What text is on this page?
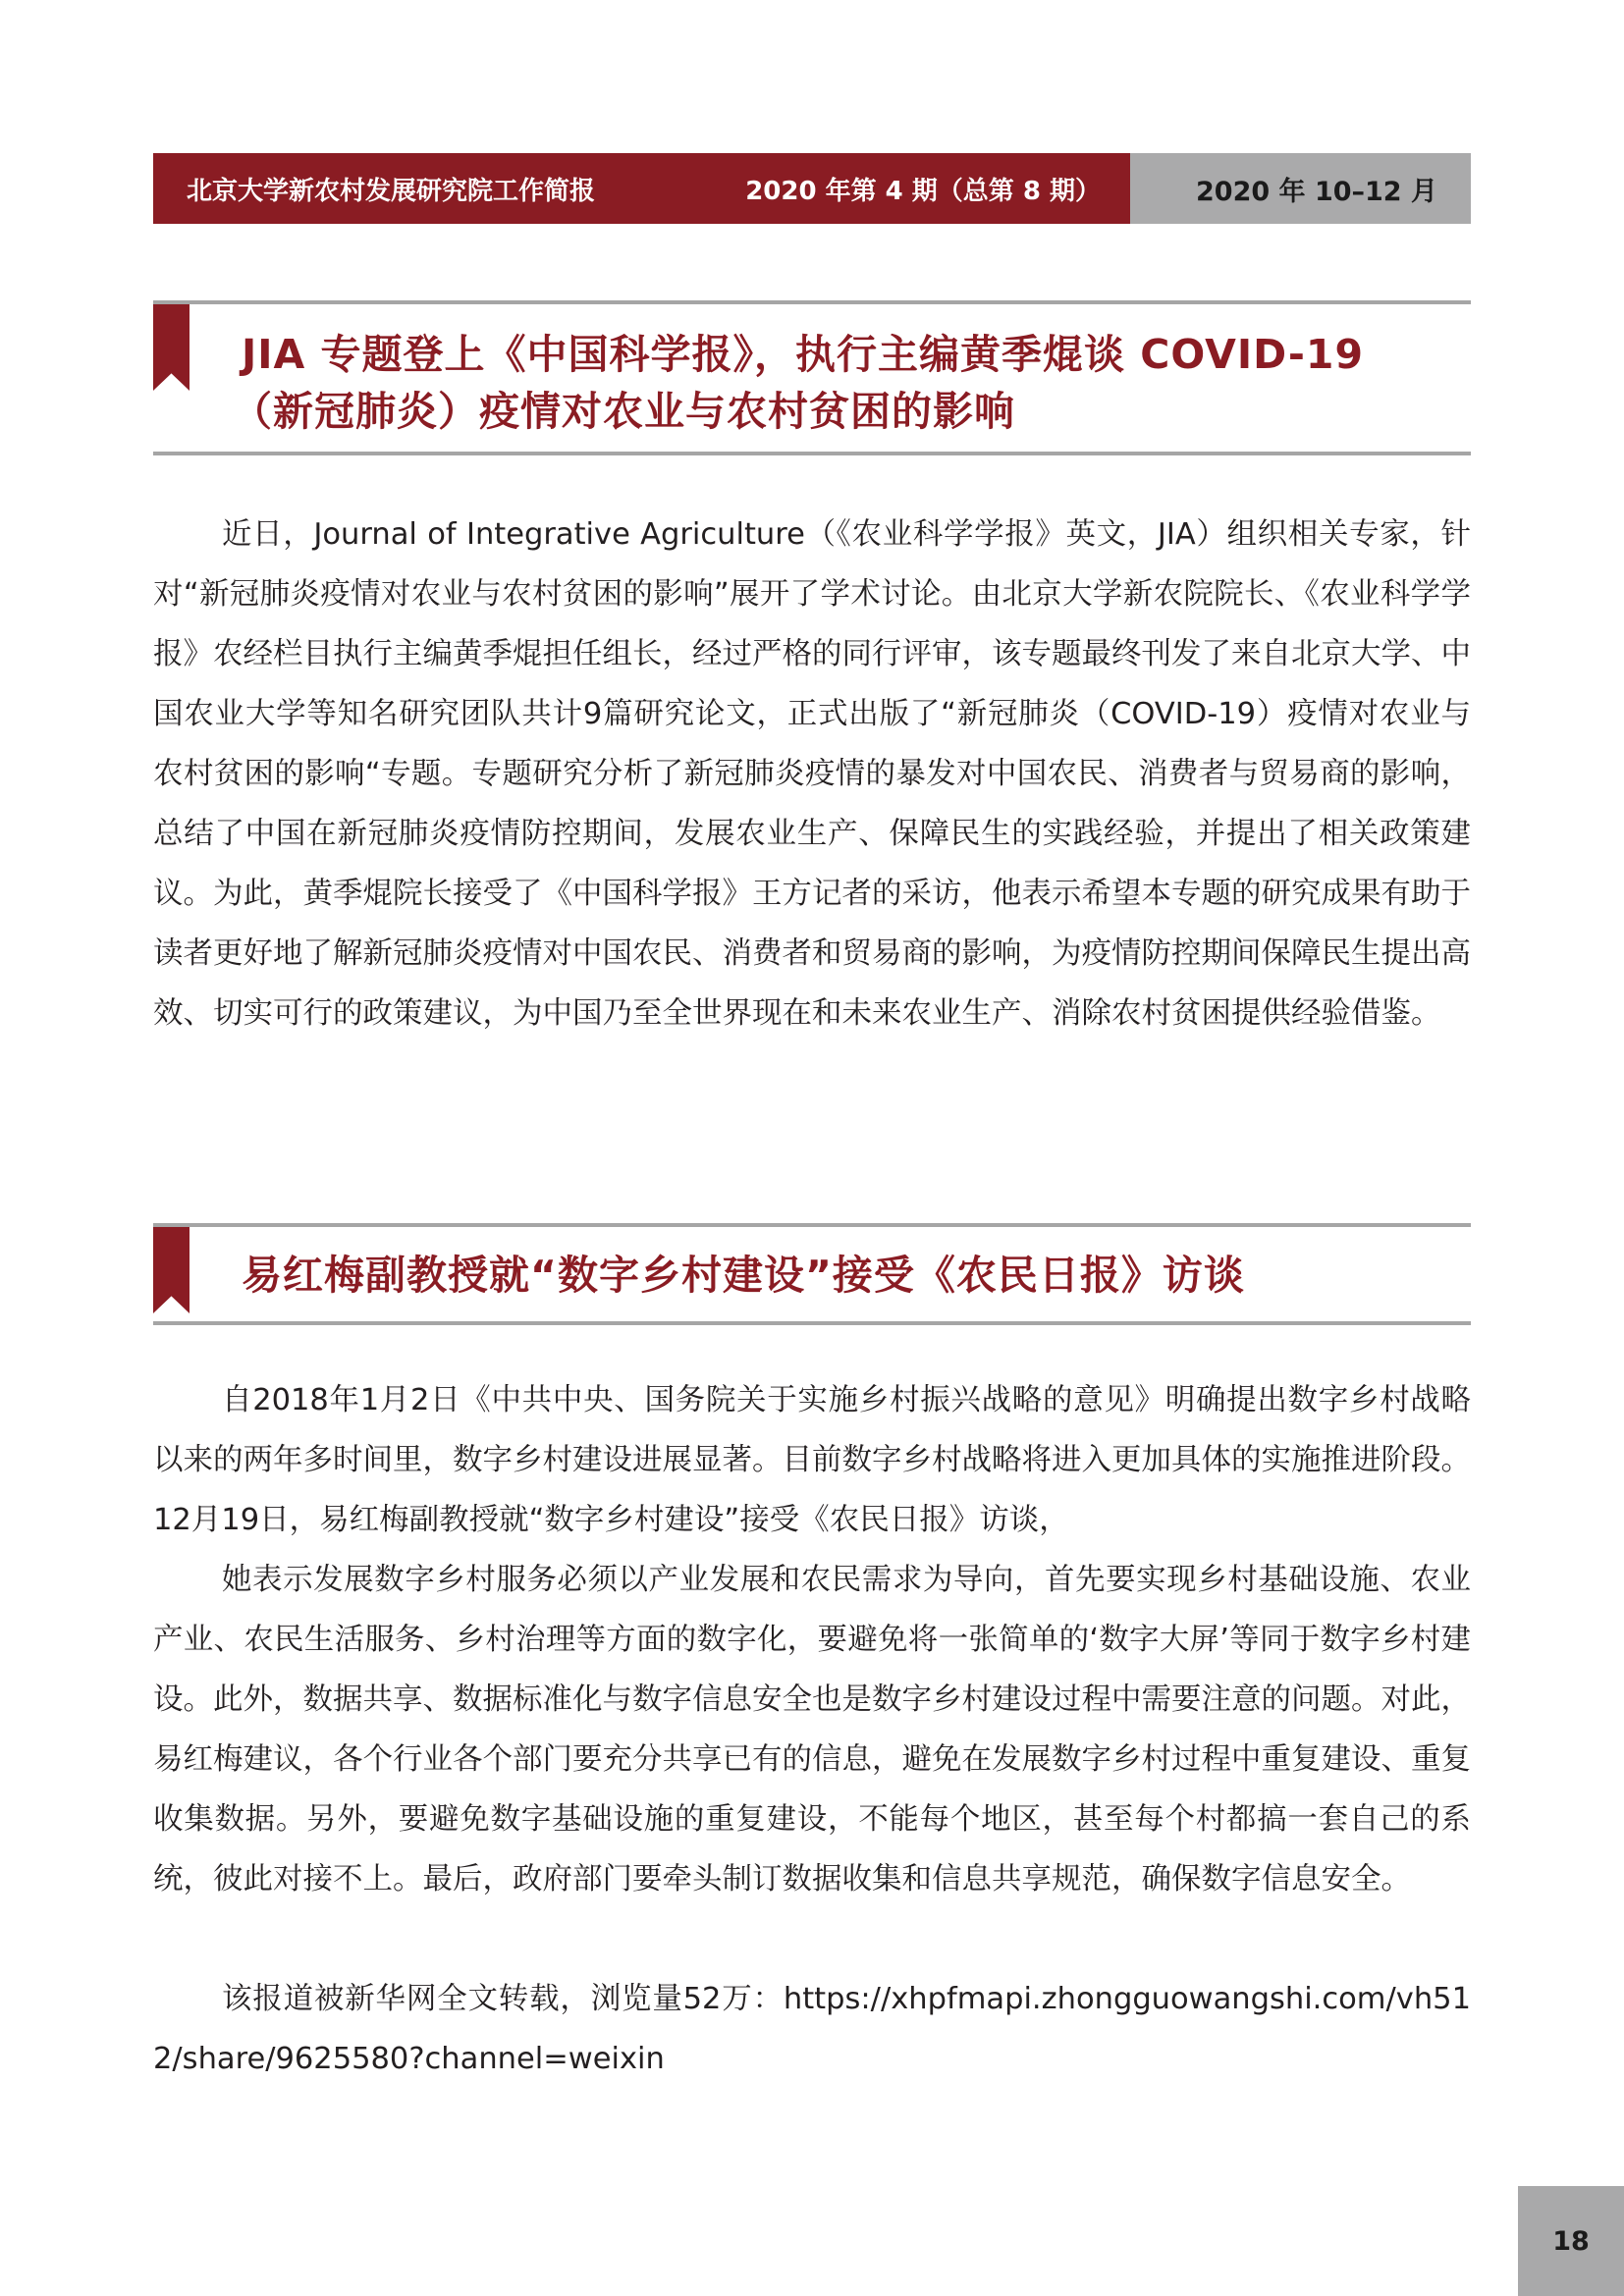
北京大学新农村发展研究院工作简报	2020 年第 4 期（总第 8 期）	2020 年 10–12 月
JIA 专题登上《中国科学报》，执行主编黄季焜谈 COVID-19
（新冠肺炎）疫情对农业与农村贫困的影响

近日，Journal of Integrative Agriculture（《农业科学学报》英文，JIA）组织相关专家，针对“新冠肺炎疫情对农业与农村贫困的影响”展开了学术讨论。由北京大学新农院院长、《农业科学学报》农经栏目执行主编黄季焜担任组长，经过严格的同行评审，该专题最终刊发了来自北京大学、中国农业大学等知名研究团队共计9篇研究论文，正式出版了“新冠肺炎（COVID-19）疫情对农业与农村贫困的影响“专题。专题研究分析了新冠肺炎疫情的暴发对中国农民、消费者与贸易商的影响，总结了中国在新冠肺炎疫情防控期间，发展农业生产、保障民生的实践经验，并提出了相关政策建议。为此，黄季焜院长接受了《中国科学报》王方记者的采访，他表示希望本专题的研究成果有助于读者更好地了解新冠肺炎疫情对中国农民、消费者和贸易商的影响，为疫情防控期间保障民生提出高效、切实可行的政策建议，为中国乃至全世界现在和未来农业生产、消除农村贫困提供经验借鉴。

易红梅副教授就“数字乡村建设”接受《农民日报》访谈

自2018年1月2日《中共中央、国务院关于实施乡村振兴战略的意见》明确提出数字乡村战略以来的两年多时间里，数字乡村建设进展显著。目前数字乡村战略将进入更加具体的实施推进阶段。12月19日，易红梅副教授就“数字乡村建设”接受《农民日报》访谈，

她表示发展数字乡村服务必须以产业发展和农民需求为导向，首先要实现乡村基础设施、农业产业、农民生活服务、乡村治理等方面的数字化，要避免将一张简单的‘数字大屏’等同于数字乡村建设。此外，数据共享、数据标准化与数字信息安全也是数字乡村建设过程中需要注意的问题。对此，易红梅建议，各个行业各个部门要充分共享已有的信息，避免在发展数字乡村过程中重复建设、重复收集数据。另外，要避免数字基础设施的重复建设，不能每个地区，甚至每个村都搞一套自己的系统，彼此对接不上。最后，政府部门要牵头制订数据收集和信息共享规范，确保数字信息安全。

该报道被新华网全文转载，浏览量52万：https://xhpfmapi.zhongguowangshi.com/vh512/share/9625580?channel=weixin

18
